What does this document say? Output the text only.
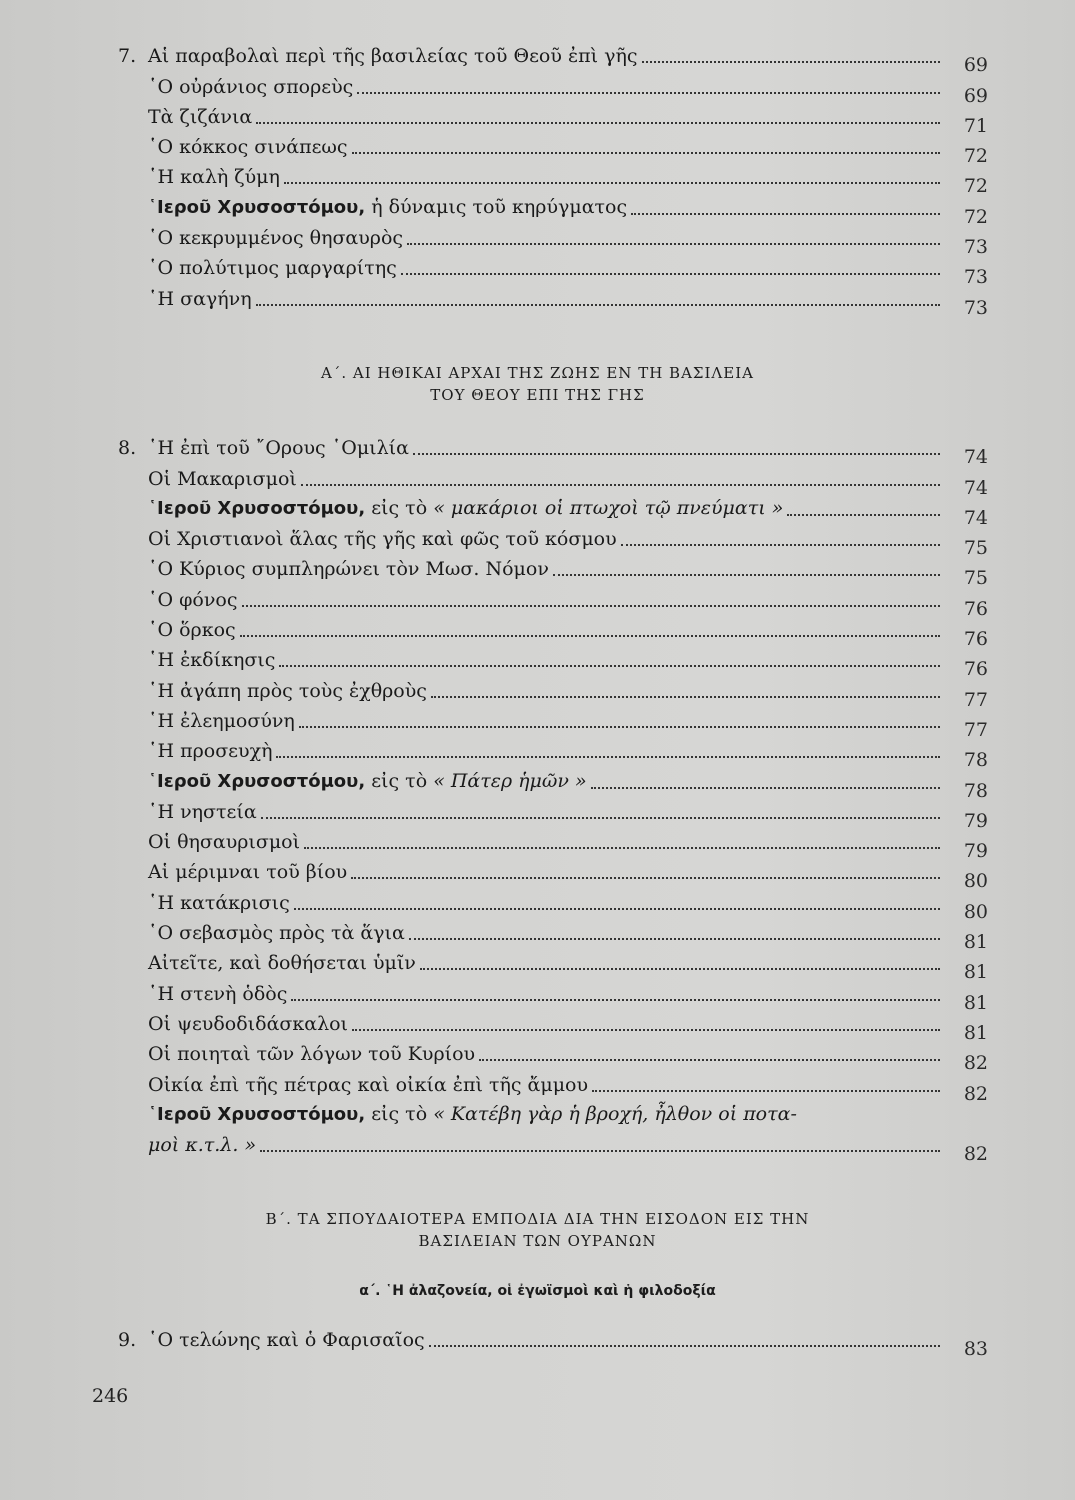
7. Αἱ παραβολαὶ περὶ τῆς βασιλείας τοῦ Θεοῦ ἐπὶ γῆς	69
῾Ο οὐράνιος σπορεὺς	69
Τὰ ζιζάνια	71
῾Ο κόκκος σινάπεως	72
῾Η καλὴ ζύμη	72
῾Ιεροῦ Χρυσοστόμου, ἡ δύναμις τοῦ κηρύγματος	72
῾Ο κεκρυμμένος θησαυρὸς	73
῾Ο πολύτιμος μαργαρίτης	73
῾Η σαγήνη	73
Α΄. ΑΙ ΗΘΙΚΑΙ ΑΡΧΑΙ ΤΗΣ ΖΩΗΣ ΕΝ ΤΗ ΒΑΣΙΛΕΙΑ
ΤΟΥ ΘΕΟΥ ΕΠΙ ΤΗΣ ΓΗΣ
8. ῾Η ἐπὶ τοῦ ῎Ορους ῾Ομιλία	74
Οἱ Μακαρισμοὶ	74
῾Ιεροῦ Χρυσοστόμου, εἰς τὸ « μακάριοι οἱ πτωχοὶ τῷ πνεύματι »	74
Οἱ Χριστιανοὶ ἅλας τῆς γῆς καὶ φῶς τοῦ κόσμου	75
῾Ο Κύριος συμπληρώνει τὸν Μωσ. Νόμον	75
῾Ο φόνος	76
῾Ο ὅρκος	76
῾Η ἐκδίκησις	76
῾Η ἀγάπη πρὸς τοὺς ἐχθροὺς	77
῾Η ἐλεημοσύνη	77
῾Η προσευχὴ	78
῾Ιεροῦ Χρυσοστόμου, εἰς τὸ « Πάτερ ἡμῶν »	78
῾Η νηστεία	79
Οἱ θησαυρισμοὶ	79
Αἱ μέριμναι τοῦ βίου	80
῾Η κατάκρισις	80
῾Ο σεβασμὸς πρὸς τὰ ἅγια	81
Αἰτεῖτε, καὶ δοθήσεται ὑμῖν	81
῾Η στενὴ ὁδὸς	81
Οἱ ψευδοδιδάσκαλοι	81
Οἱ ποιηταὶ τῶν λόγων τοῦ Κυρίου	82
Οἰκία ἐπὶ τῆς πέτρας καὶ οἰκία ἐπὶ τῆς ἄμμου	82
῾Ιεροῦ Χρυσοστόμου, εἰς τὸ « Κατέβη γὰρ ἡ βροχή, ἦλθον οἱ ποτα-
μοὶ κ.τ.λ. »	82
Β΄. ΤΑ ΣΠΟΥΔΑΙΟΤΕΡΑ ΕΜΠΟΔΙΑ ΔΙΑ ΤΗΝ ΕΙΣΟΔΟΝ ΕΙΣ ΤΗΝ
ΒΑΣΙΛΕΙΑΝ ΤΩΝ ΟΥΡΑΝΩΝ
α΄. ῾Η ἀλαζονεία, οἱ ἐγωϊσμοὶ καὶ ἡ φιλοδοξία
9. ῾Ο τελώνης καὶ ὁ Φαρισαῖος	83
246
